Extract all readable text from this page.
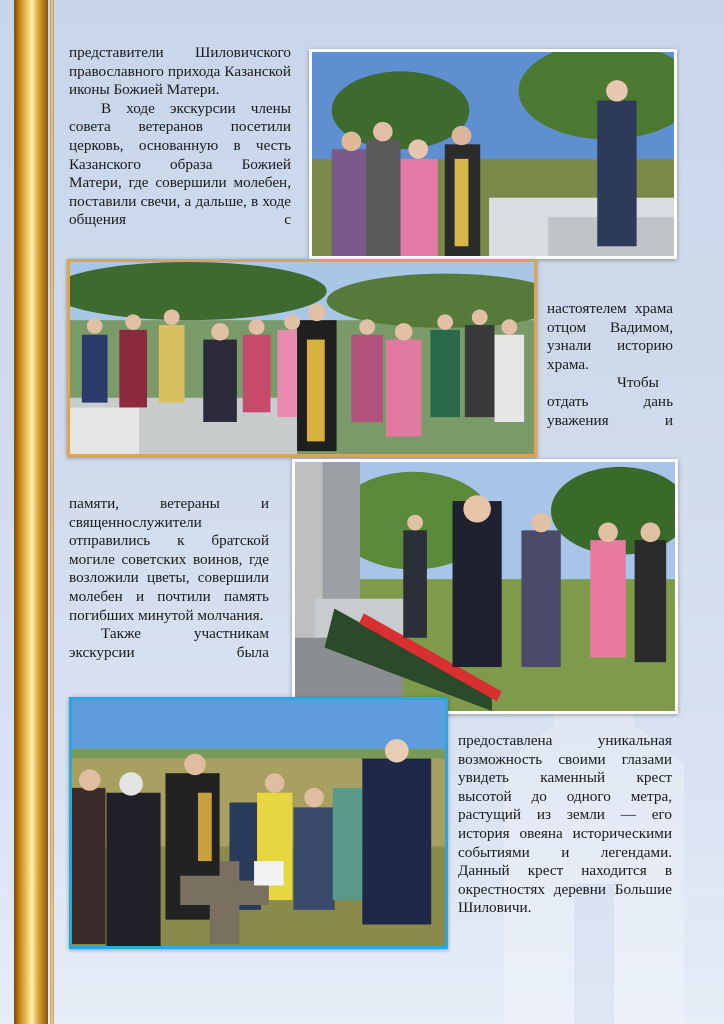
представители Шиловичского православного прихода Казанской иконы Божией Матери.

В ходе экскурсии члены совета ветеранов посетили церковь, основанную в честь Казанского образа Божией Матери, где совершили молебен, поставили свечи, а дальше, в ходе общения с

настоятелем храма отцом Вадимом, узнали историю храма.

Чтобы отдать дань уважения и

памяти, ветераны и священнослужители отправились к братской могиле советских воинов, где возложили цветы, совершили молебен и почтили память погибших минутой молчания.

Также участникам экскурсии была

предоставлена уникальная возможность своими глазами увидеть каменный крест высотой до одного метра, растущий из земли — его история овеяна историческими событиями и легендами. Данный крест находится в окрестностях деревни Большие Шиловичи.
